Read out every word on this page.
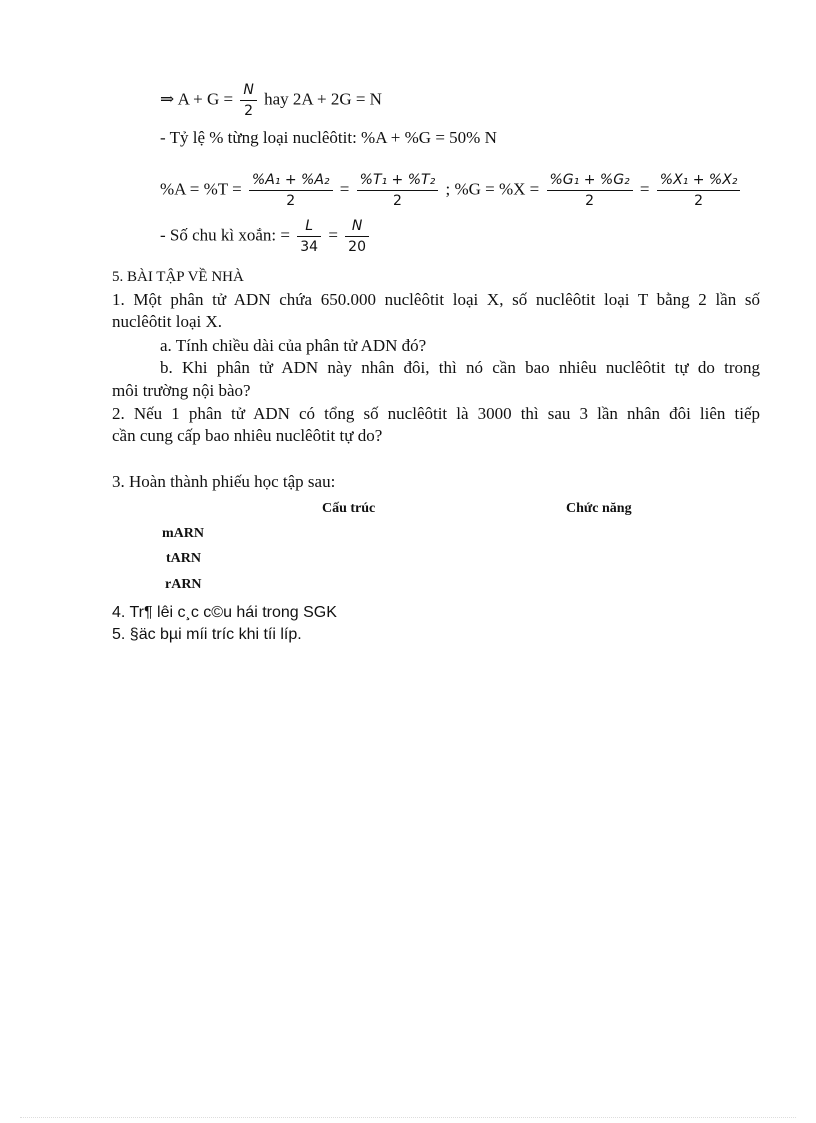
⇒ $A + G = \frac{N}{2}$ hay 2A + 2G = N
- Tỷ lệ % từng loại nuclêôtit: %A + %G = 50% N
$\%A = \%T = \frac{\text{\%A₁ + \%A₂}}{2} = \frac{\text{\%T₁ + \%T₂}}{2}$ ; $\%G = \%X = \frac{\text{\%G₁ + \%G₂}}{2} = \frac{\text{\%X₁ + \%X₂}}{2}$
- Số chu kì xoắn: = $\frac{L}{34} = \frac{N}{20}$
5. BÀI TẬP VỀ NHÀ
1. Một phân tử ADN chứa 650.000 nuclêôtit loại X, số nuclêôtit loại T bằng 2 lần số
nuclêôtit loại X.
a. Tính chiều dài của phân tử ADN đó?
b. Khi phân tử ADN này nhân đôi, thì nó cần bao nhiêu nuclêôtit tự do trong
môi trường nội bào?
2. Nếu 1 phân tử ADN có tổng số nuclêôtit là 3000 thì sau 3 lần nhân đôi liên tiếp
cần cung cấp bao nhiêu nuclêôtit tự do?
3. Hoàn thành phiếu học tập sau:
Cấu trúc	Chức năng
mARN
tARN
rARN
4. Tr¶ lêi c¸c c©u hái trong SGK
5. §äc bµi míi tríc khi tíi líp.
